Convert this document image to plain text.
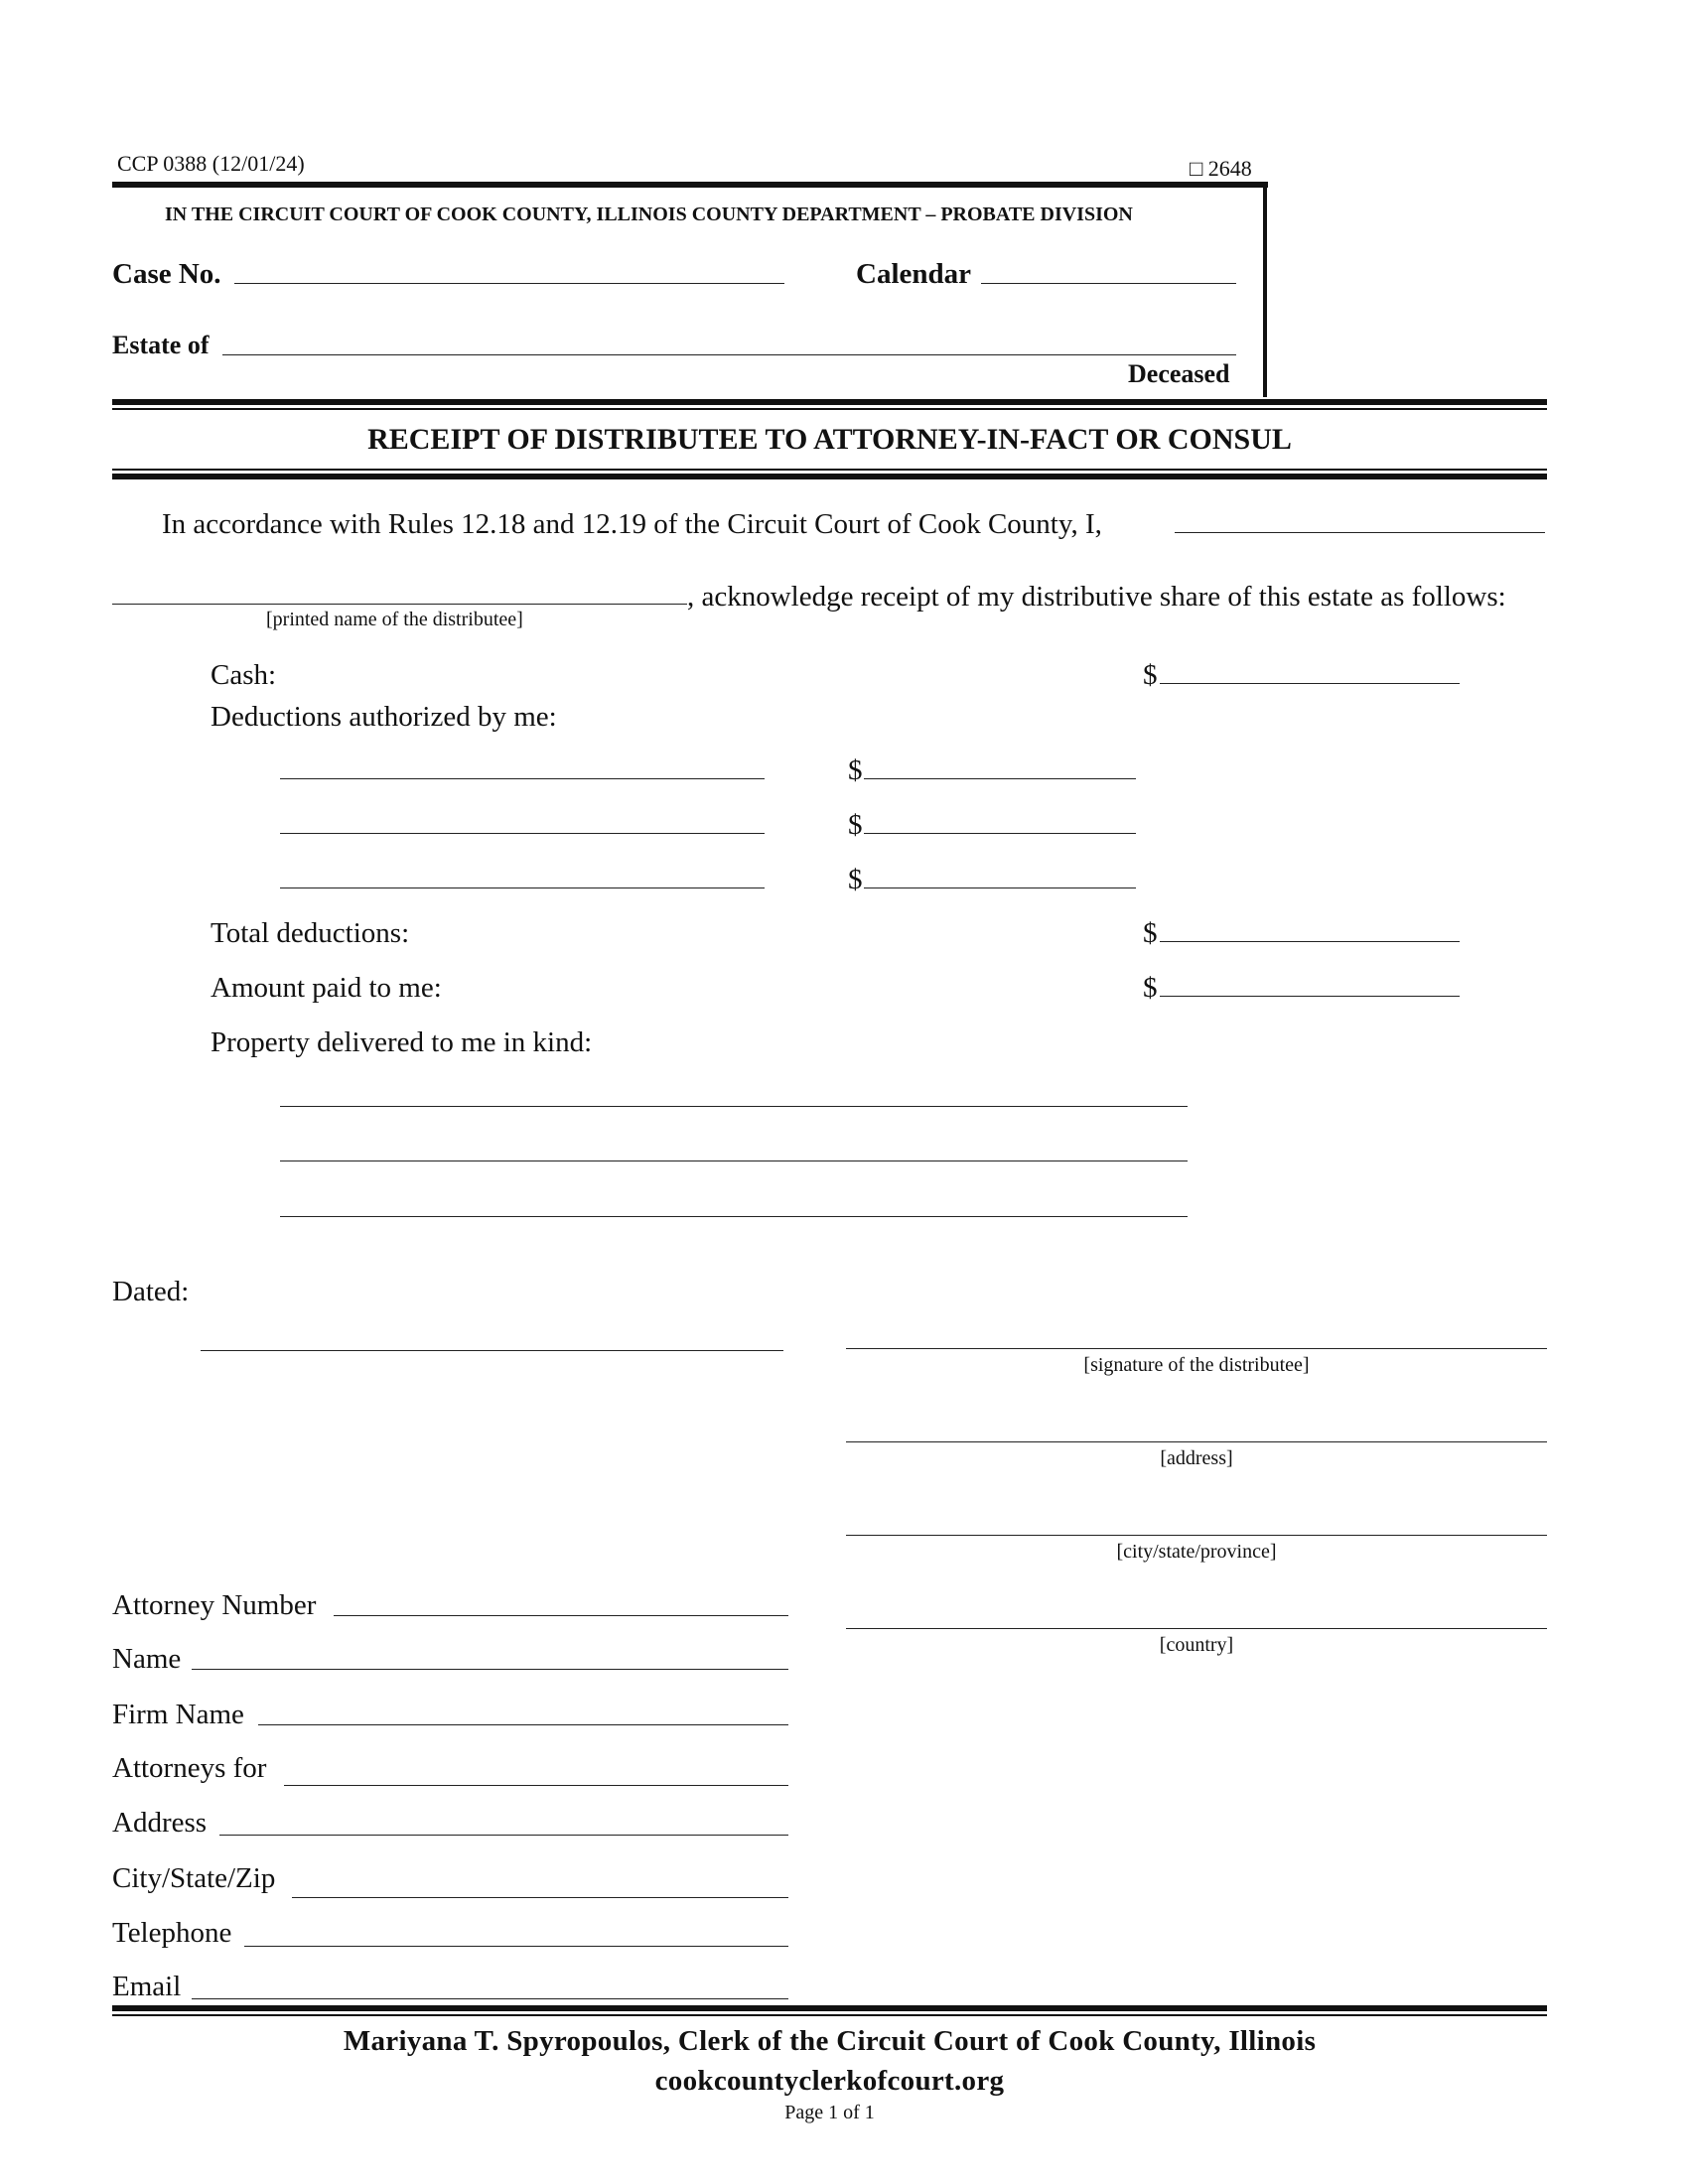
CCP 0388 (12/01/24)	□ 2648
IN THE CIRCUIT COURT OF COOK COUNTY, ILLINOIS COUNTY DEPARTMENT – PROBATE DIVISION
Case No.	Calendar
Estate of
Deceased
RECEIPT OF DISTRIBUTEE TO ATTORNEY-IN-FACT OR CONSUL
In accordance with Rules 12.18 and 12.19 of the Circuit Court of Cook County, I,
, acknowledge receipt of my distributive share of this estate as follows:
[printed name of the distributee]
Cash:	$
Deductions authorized by me:
$
$
$
Total deductions:	$
Amount paid to me:	$
Property delivered to me in kind:
Dated:
[signature of the distributee]
[address]
[city/state/province]
[country]
Attorney Number
Name
Firm Name
Attorneys for
Address
City/State/Zip
Telephone
Email
Mariyana T. Spyropoulos, Clerk of the Circuit Court of Cook County, Illinois
cookcountyclerkofcourt.org
Page 1 of 1
